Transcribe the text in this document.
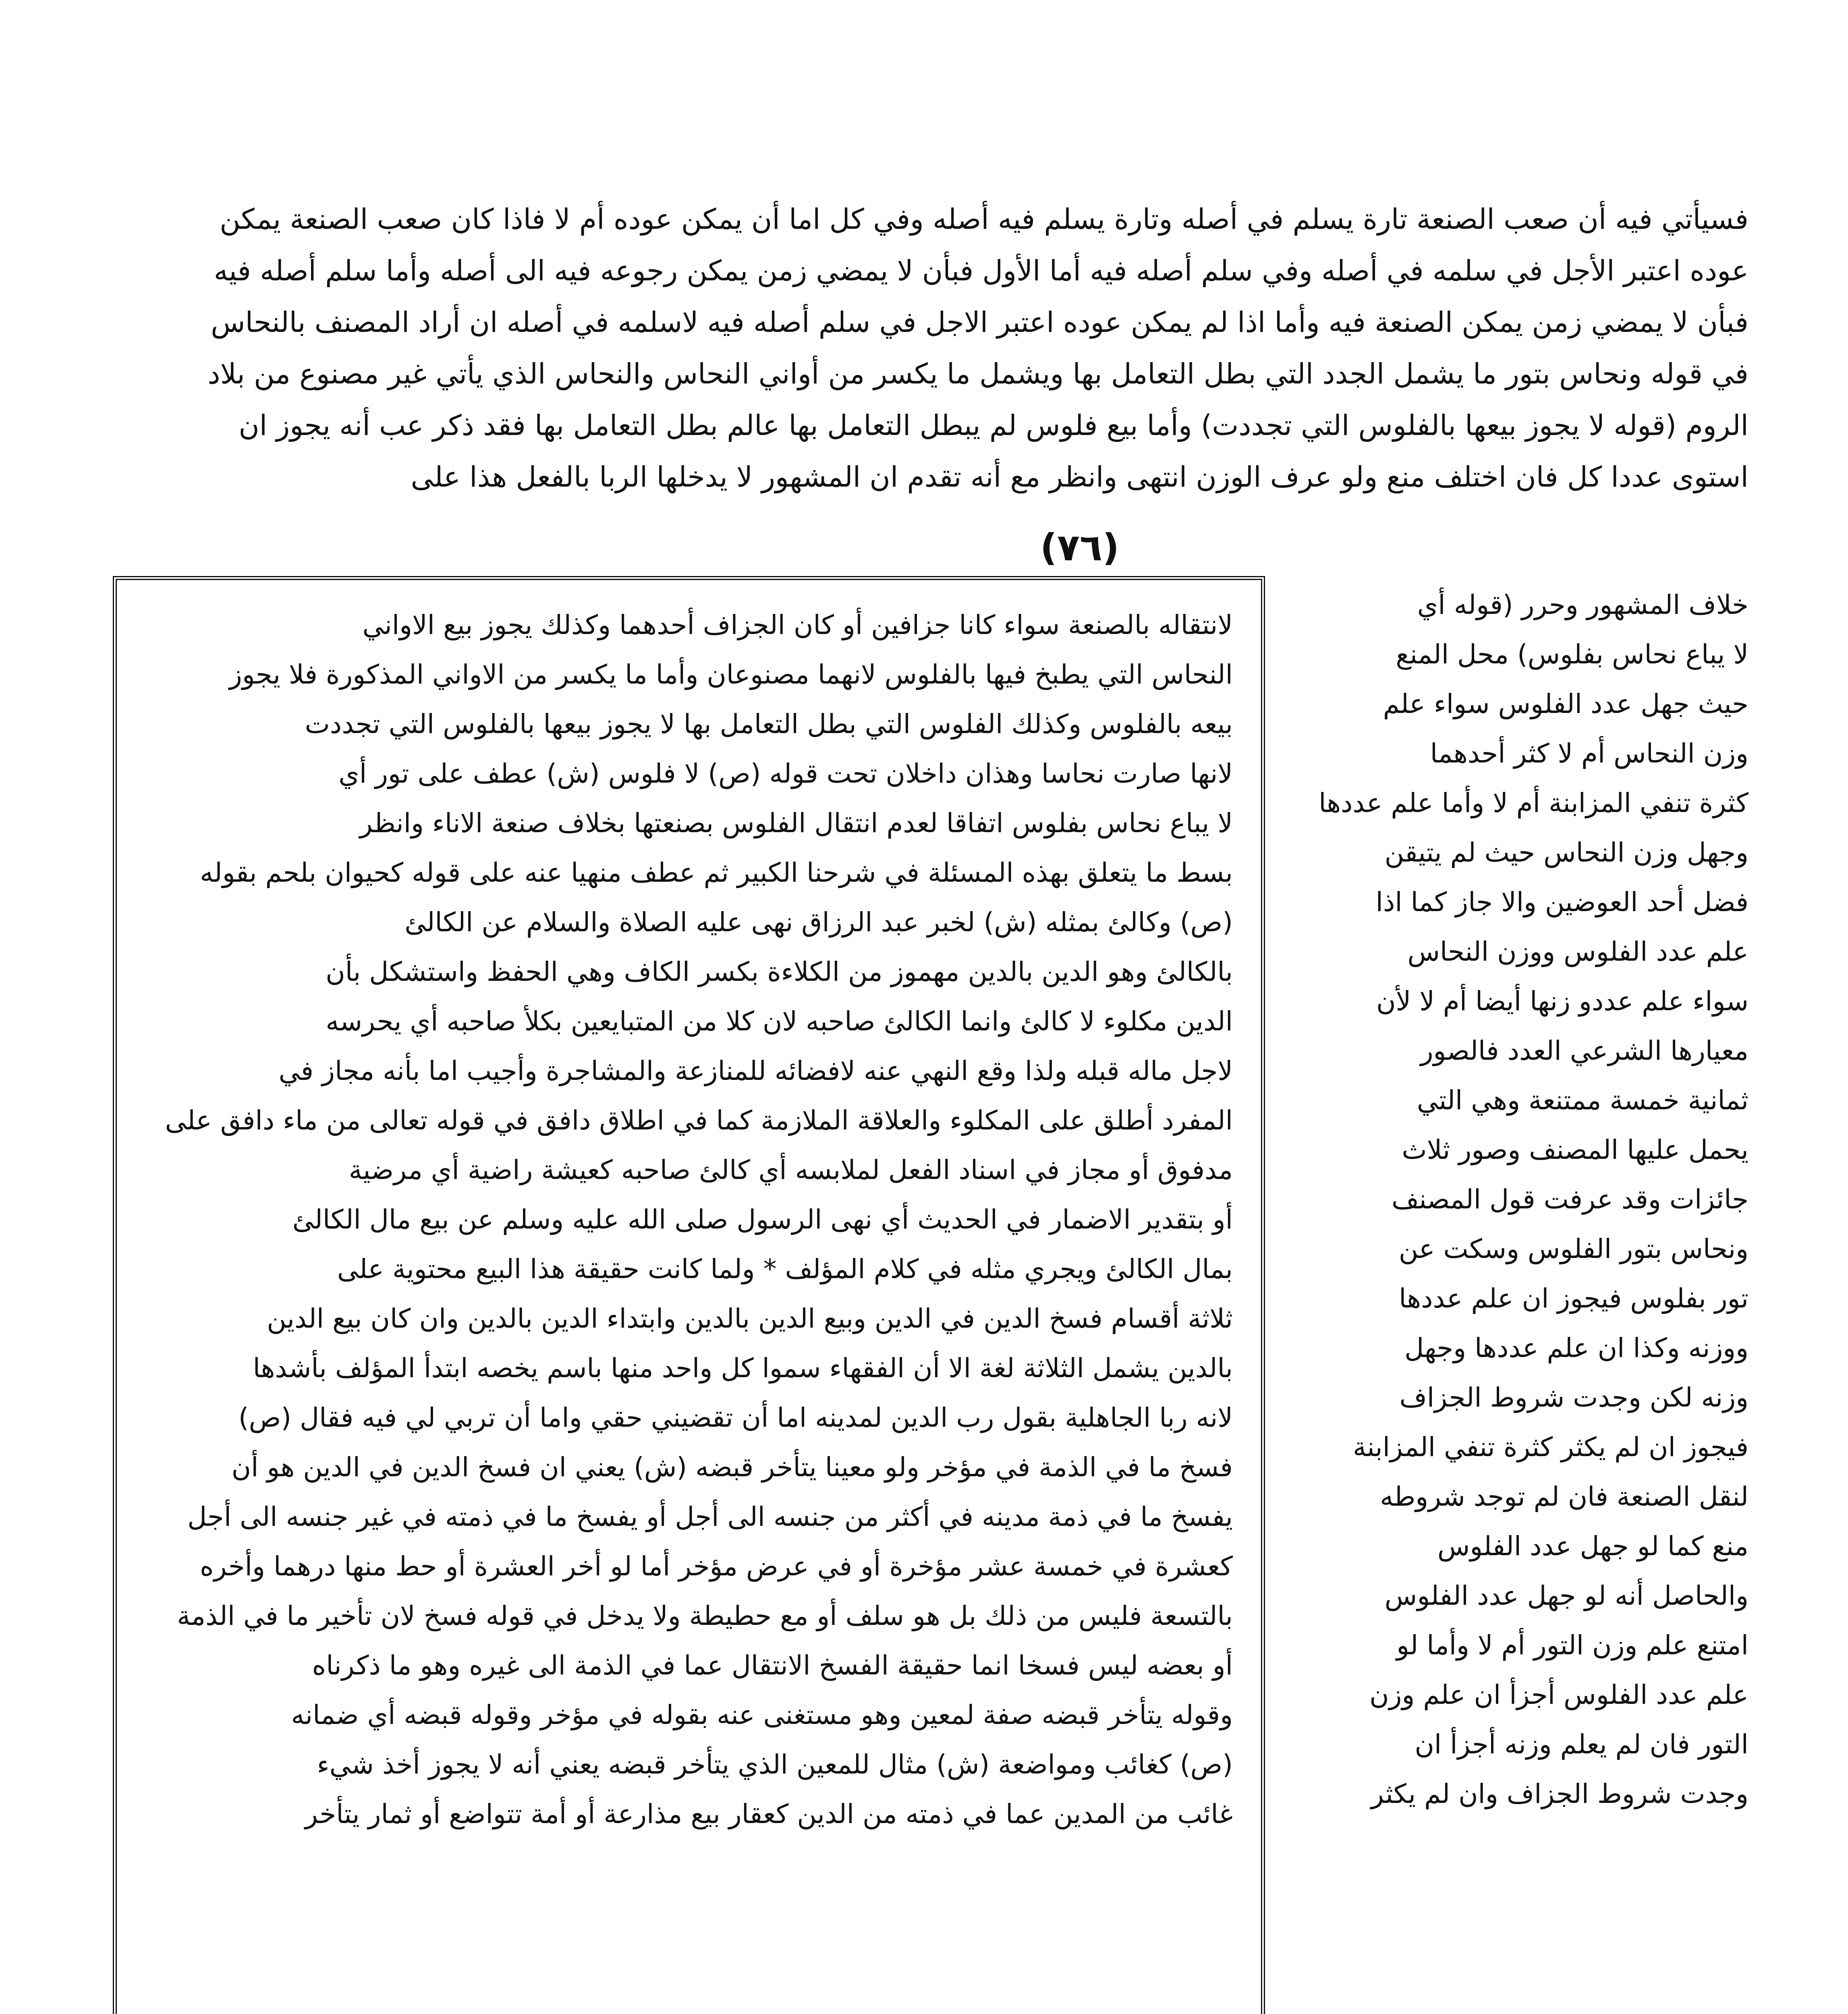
فسيأتي فيه أن صعب الصنعة تارة يسلم في أصله وتارة يسلم فيه أصله وفي كل اما أن يمكن عوده أم لا فاذا كان صعب الصنعة يمكن
عوده اعتبر الأجل في سلمه في أصله وفي سلم أصله فيه أما الأول فبأن لا يمضي زمن يمكن رجوعه فيه الى أصله وأما سلم أصله فيه
فبأن لا يمضي زمن يمكن الصنعة فيه وأما اذا لم يمكن عوده اعتبر الاجل في سلم أصله فيه لاسلمه في أصله ان أراد المصنف بالنحاس
في قوله ونحاس بتور ما يشمل الجدد التي بطل التعامل بها ويشمل ما يكسر من أواني النحاس والنحاس الذي يأتي غير مصنوع من بلاد
الروم (قوله لا يجوز بيعها بالفلوس التي تجددت) وأما بيع فلوس لم يبطل التعامل بها عالم بطل التعامل بها فقد ذكر عب أنه يجوز ان
استوى عددا كل فان اختلف منع ولو عرف الوزن انتهى وانظر مع أنه تقدم ان المشهور لا يدخلها الربا بالفعل هذا على
(٧٦)
خلاف المشهور وحرر (قوله أي
لا يباع نحاس بفلوس) محل المنع
حيث جهل عدد الفلوس سواء علم
وزن النحاس أم لا كثر أحدهما
كثرة تنفي المزابنة أم لا وأما علم عددها
وجهل وزن النحاس حيث لم يتيقن
فضل أحد العوضين والا جاز كما اذا
علم عدد الفلوس ووزن النحاس
سواء علم عددو زنها أيضا أم لا لأن
معيارها الشرعي العدد فالصور
ثمانية خمسة ممتنعة وهي التي
يحمل عليها المصنف وصور ثلاث
جائزات وقد عرفت قول المصنف
ونحاس بتور الفلوس وسكت عن
تور بفلوس فيجوز ان علم عددها
ووزنه وكذا ان علم عددها وجهل
وزنه لكن وجدت شروط الجزاف
فيجوز ان لم يكثر كثرة تنفي المزابنة
لنقل الصنعة فان لم توجد شروطه
منع كما لو جهل عدد الفلوس
والحاصل أنه لو جهل عدد الفلوس
امتنع علم وزن التور أم لا وأما لو
علم عدد الفلوس أجزأ ان علم وزن
التور فان لم يعلم وزنه أجزأ ان
وجدت شروط الجزاف وان لم يكثر
لانتقاله بالصنعة سواء كانا جزافين أو كان الجزاف أحدهما وكذلك يجوز بيع الاواني
النحاس التي يطبخ فيها بالفلوس لانهما مصنوعان وأما ما يكسر من الاواني المذكورة فلا يجوز
بيعه بالفلوس وكذلك الفلوس التي بطل التعامل بها لا يجوز بيعها بالفلوس التي تجددت
لانها صارت نحاسا وهذان داخلان تحت قوله (ص) لا فلوس (ش) عطف على تور أي
لا يباع نحاس بفلوس اتفاقا لعدم انتقال الفلوس بصنعتها بخلاف صنعة الاناء وانظر
بسط ما يتعلق بهذه المسئلة في شرحنا الكبير ثم عطف منهيا عنه على قوله كحيوان بلحم بقوله
(ص) وكالئ بمثله (ش) لخبر عبد الرزاق نهى عليه الصلاة والسلام عن الكالئ
بالكالئ وهو الدين بالدين مهموز من الكلاءة بكسر الكاف وهي الحفظ واستشكل بأن
الدين مكلوء لا كالئ وانما الكالئ صاحبه لان كلا من المتبايعين بكلأ صاحبه أي يحرسه
لاجل ماله قبله ولذا وقع النهي عنه لافضائه للمنازعة والمشاجرة وأجيب اما بأنه مجاز في
المفرد أطلق على المكلوء والعلاقة الملازمة كما في اطلاق دافق في قوله تعالى من ماء دافق على
مدفوق أو مجاز في اسناد الفعل لملابسه أي كالئ صاحبه كعيشة راضية أي مرضية
أو بتقدير الاضمار في الحديث أي نهى الرسول صلى الله عليه وسلم عن بيع مال الكالئ
بمال الكالئ ويجري مثله في كلام المؤلف * ولما كانت حقيقة هذا البيع محتوية على
ثلاثة أقسام فسخ الدين في الدين وبيع الدين بالدين وابتداء الدين بالدين وان كان بيع الدين
بالدين يشمل الثلاثة لغة الا أن الفقهاء سموا كل واحد منها باسم يخصه ابتدأ المؤلف بأشدها
لانه ربا الجاهلية بقول رب الدين لمدينه اما أن تقضيني حقي واما أن تربي لي فيه فقال (ص)
فسخ ما في الذمة في مؤخر ولو معينا يتأخر قبضه (ش) يعني ان فسخ الدين في الدين هو أن
يفسخ ما في ذمة مدينه في أكثر من جنسه الى أجل أو يفسخ ما في ذمته في غير جنسه الى أجل
كعشرة في خمسة عشر مؤخرة أو في عرض مؤخر أما لو أخر العشرة أو حط منها درهما وأخره
بالتسعة فليس من ذلك بل هو سلف أو مع حطيطة ولا يدخل في قوله فسخ لان تأخير ما في الذمة
أو بعضه ليس فسخا انما حقيقة الفسخ الانتقال عما في الذمة الى غيره وهو ما ذكرناه
وقوله يتأخر قبضه صفة لمعين وهو مستغنى عنه بقوله في مؤخر وقوله قبضه أي ضمانه
(ص) كغائب ومواضعة (ش) مثال للمعين الذي يتأخر قبضه يعني أنه لا يجوز أخذ شيء
غائب من المدين عما في ذمته من الدين كعقار بيع مذارعة أو أمة تتواضع أو ثمار يتأخر
